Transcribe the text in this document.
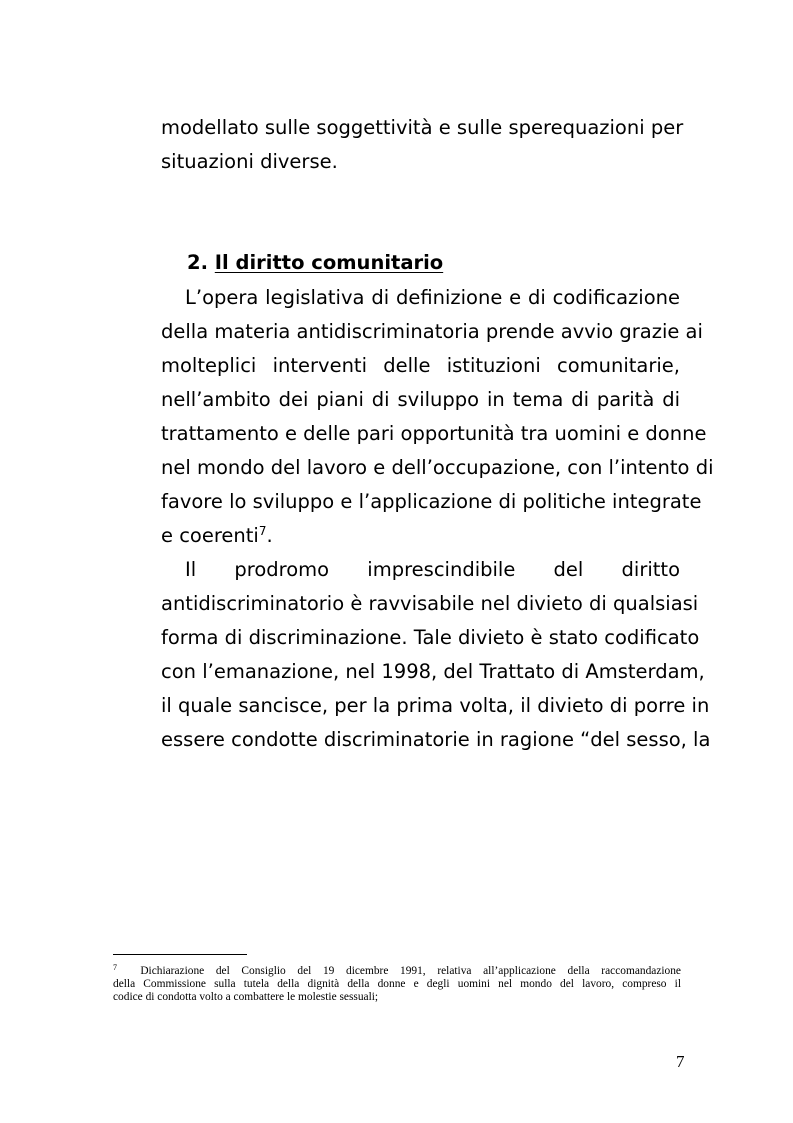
modellato sulle soggettività e sulle sperequazioni per
situazioni diverse.
2. Il diritto comunitario
L’opera legislativa di definizione e di codificazione
della materia antidiscriminatoria prende avvio grazie ai
molteplici interventi delle istituzioni comunitarie,
nell’ambito dei piani di sviluppo in tema di parità di
trattamento e delle pari opportunità tra uomini e donne
nel mondo del lavoro e dell’occupazione, con l’intento di
favore lo sviluppo e l’applicazione di politiche integrate
e coerenti$^7$.
Il prodromo imprescindibile del diritto
antidiscriminatorio è ravvisabile nel divieto di qualsiasi
forma di discriminazione. Tale divieto è stato codificato
con l’emanazione, nel 1998, del Trattato di Amsterdam,
il quale sancisce, per la prima volta, il divieto di porre in
essere condotte discriminatorie in ragione “del sesso, la
$^7$ Dichiarazione del Consiglio del 19 dicembre 1991, relativa all’applicazione della raccomandazione
della Commissione sulla tutela della dignità della donne e degli uomini nel mondo del lavoro, compreso il
codice di condotta volto a combattere le molestie sessuali;
7
